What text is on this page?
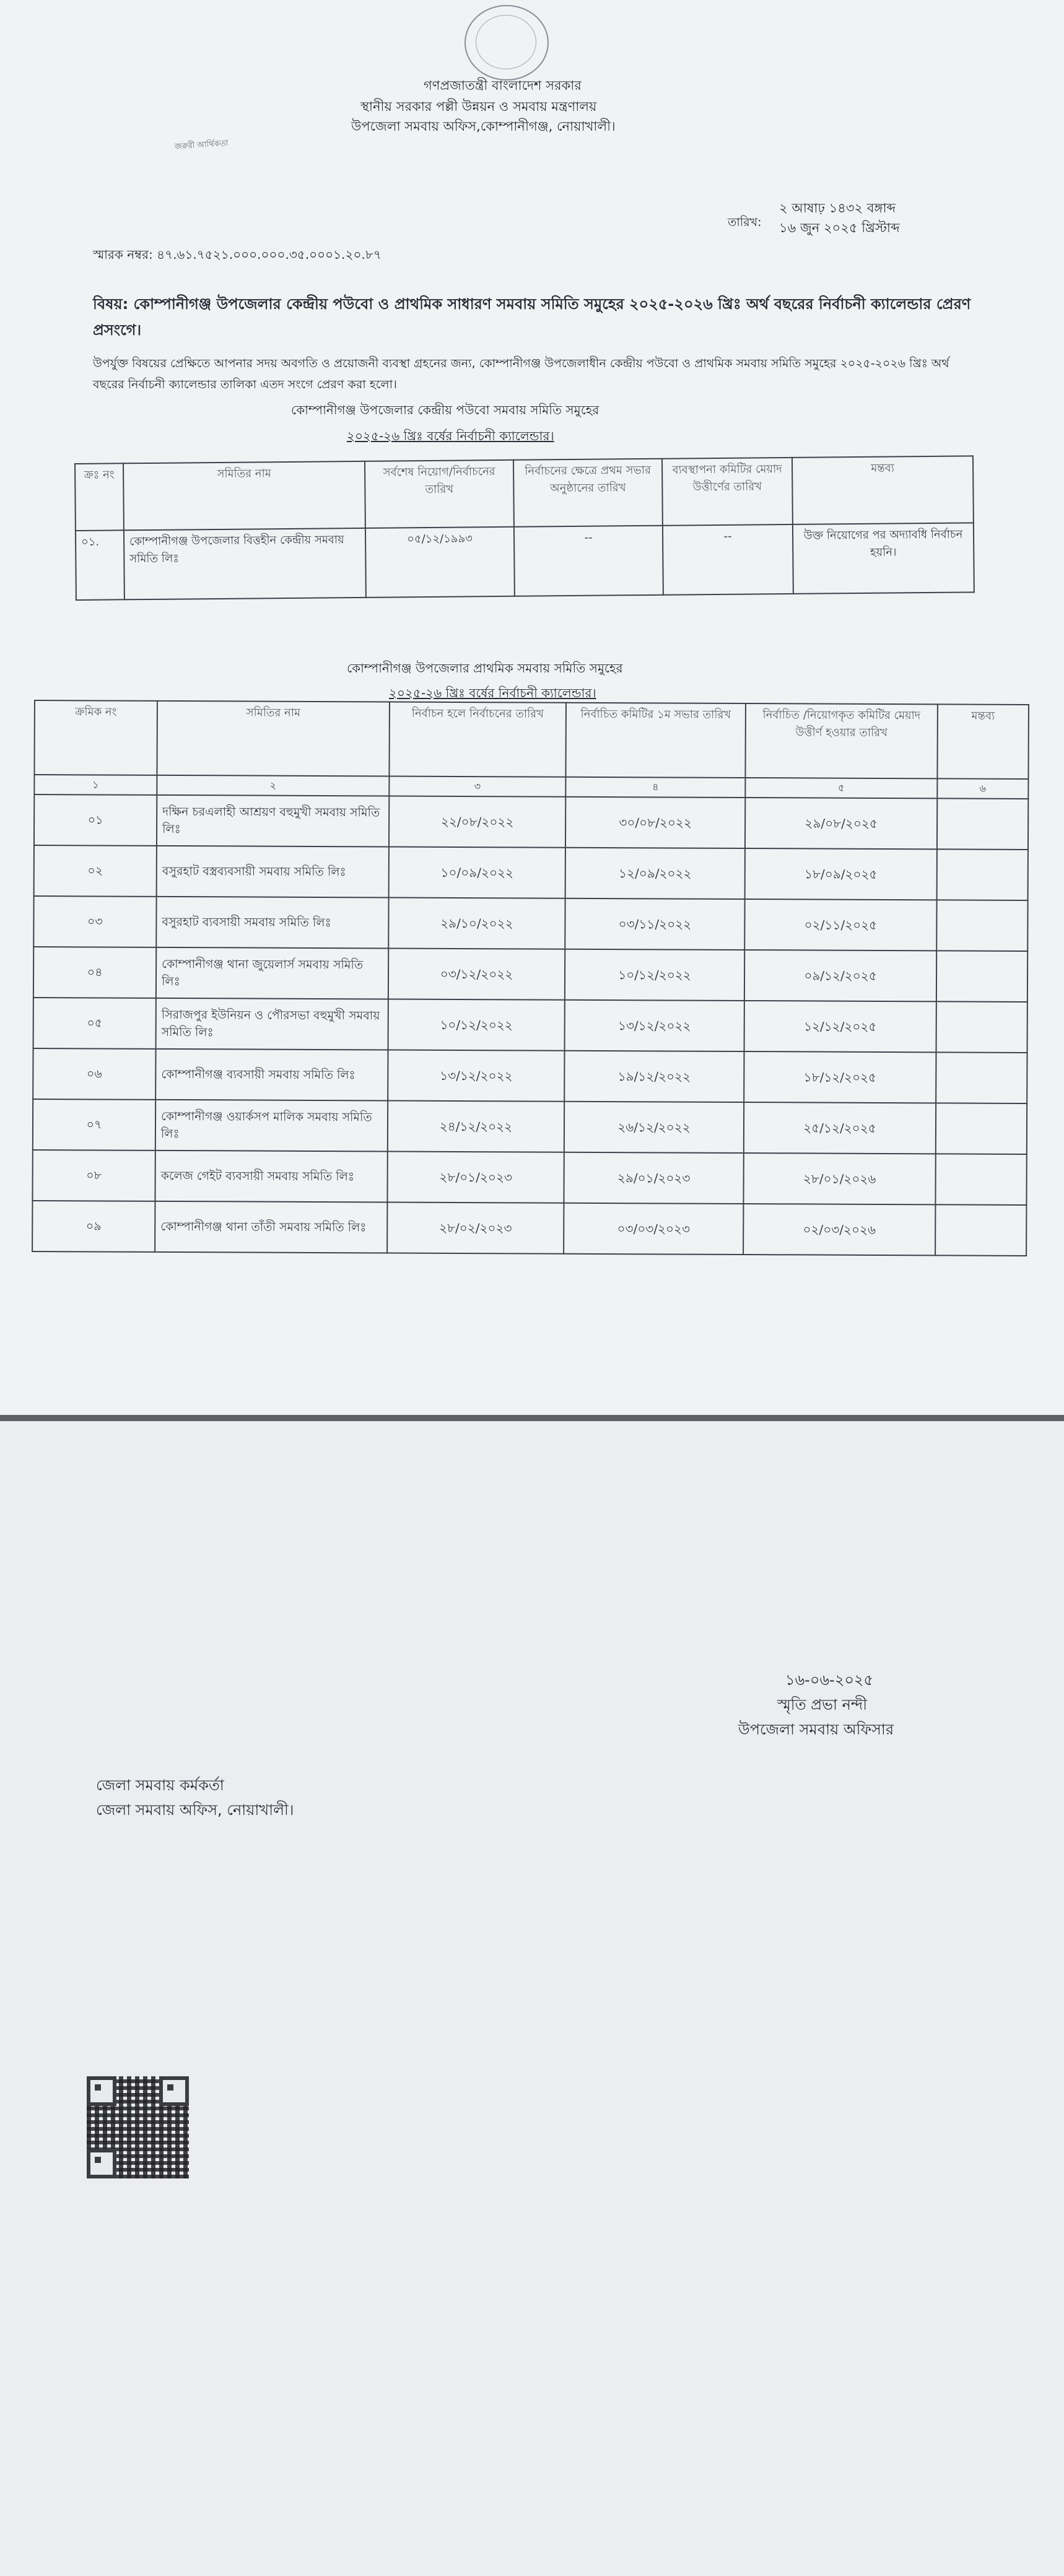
জরুরী আর্থিকতা
গণপ্রজাতন্ত্রী বাংলাদেশ সরকার
স্থানীয় সরকার পল্লী উন্নয়ন ও সমবায় মন্ত্রণালয়
উপজেলা সমবায় অফিস,কোম্পানীগঞ্জ, নোয়াখালী।
তারিখ:
২ আষাঢ় ১৪৩২ বঙ্গাব্দ
১৬ জুন ২০২৫ খ্রিস্টাব্দ
স্মারক নম্বর: ৪৭.৬১.৭৫২১.০০০.০০০.৩৫.০০০১.২০.৮৭
বিষয়: কোম্পানীগঞ্জ উপজেলার কেন্দ্রীয় পউবো ও প্রাথমিক সাধারণ সমবায় সমিতি সমুহের ২০২৫-২০২৬ খ্রিঃ অর্থ বছরের নির্বাচনী ক্যালেন্ডার প্রেরণ প্রসংগে।
উপর্যুক্ত বিষয়ের প্রেক্ষিতে আপনার সদয় অবগতি ও প্রয়োজনী ব্যবস্থা গ্রহনের জন্য, কোম্পানীগঞ্জ উপজেলাধীন কেন্দ্রীয় পউবো ও প্রাথমিক সমবায় সমিতি সমুহের ২০২৫-২০২৬ খ্রিঃ অর্থ বছরের নির্বাচনী ক্যালেন্ডার তালিকা এতদ সংগে প্রেরণ করা হলো।
কোম্পানীগঞ্জ উপজেলার কেন্দ্রীয় পউবো সমবায় সমিতি সমুহের
২০২৫-২৬ খ্রিঃ বর্ষের নির্বাচনী ক্যালেন্ডার।
ক্রঃ নং	সমিতির নাম	সর্বশেষ নিয়োগ/নির্বাচনের তারিখ	নির্বাচনের ক্ষেত্রে প্রথম সভার অনুষ্ঠানের তারিখ	ব্যবস্থাপনা কমিটির মেয়াদ উত্তীর্ণের তারিখ	মন্তব্য
০১.	কোম্পানীগঞ্জ উপজেলার বিত্তহীন কেন্দ্রীয় সমবায় সমিতি লিঃ	০৫/১২/১৯৯৩	--	--	উক্ত নিয়োগের পর অদ্যাবধি নির্বাচন হয়নি।
কোম্পানীগঞ্জ উপজেলার প্রাথমিক সমবায় সমিতি সমুহের
২০২৫-২৬ খ্রিঃ বর্ষের নির্বাচনী ক্যালেন্ডার।
ক্রমিক নং	সমিতির নাম	নির্বাচন হলে নির্বাচনের তারিখ	নির্বাচিত কমিটির ১ম সভার তারিখ	নির্বাচিত /নিয়োগকৃত কমিটির মেয়াদ উত্তীর্ণ হওয়ার তারিখ	মন্তব্য
১	২	৩	৪	৫	৬
০১	দক্ষিন চরএলাহী আশ্রয়ণ বহুমুখী সমবায় সমিতি লিঃ	২২/০৮/২০২২	৩০/০৮/২০২২	২৯/০৮/২০২৫	
০২	বসুরহাট বস্ত্রব্যবসায়ী সমবায় সমিতি লিঃ	১০/০৯/২০২২	১২/০৯/২০২২	১৮/০৯/২০২৫	
০৩	বসুরহাট ব্যবসায়ী সমবায় সমিতি লিঃ	২৯/১০/২০২২	০৩/১১/২০২২	০২/১১/২০২৫	
০৪	কোম্পানীগঞ্জ থানা জুয়েলার্স সমবায় সমিতি লিঃ	০৩/১২/২০২২	১০/১২/২০২২	০৯/১২/২০২৫	
০৫	সিরাজপুর ইউনিয়ন ও পৌরসভা বহুমুখী সমবায় সমিতি লিঃ	১০/১২/২০২২	১৩/১২/২০২২	১২/১২/২০২৫	
০৬	কোম্পানীগঞ্জ ব্যবসায়ী সমবায় সমিতি লিঃ	১৩/১২/২০২২	১৯/১২/২০২২	১৮/১২/২০২৫	
০৭	কোম্পানীগঞ্জ ওয়ার্কসপ মালিক সমবায় সমিতি লিঃ	২৪/১২/২০২২	২৬/১২/২০২২	২৫/১২/২০২৫	
০৮	কলেজ গেইট ব্যবসায়ী সমবায় সমিতি লিঃ	২৮/০১/২০২৩	২৯/০১/২০২৩	২৮/০১/২০২৬	
০৯	কোম্পানীগঞ্জ থানা তাঁতী সমবায় সমিতি লিঃ	২৮/০২/২০২৩	০৩/০৩/২০২৩	০২/০৩/২০২৬	
১৬-০৬-২০২৫
স্মৃতি প্রভা নন্দী
উপজেলা সমবায় অফিসার
জেলা সমবায় কর্মকর্তা
জেলা সমবায় অফিস, নোয়াখালী।
